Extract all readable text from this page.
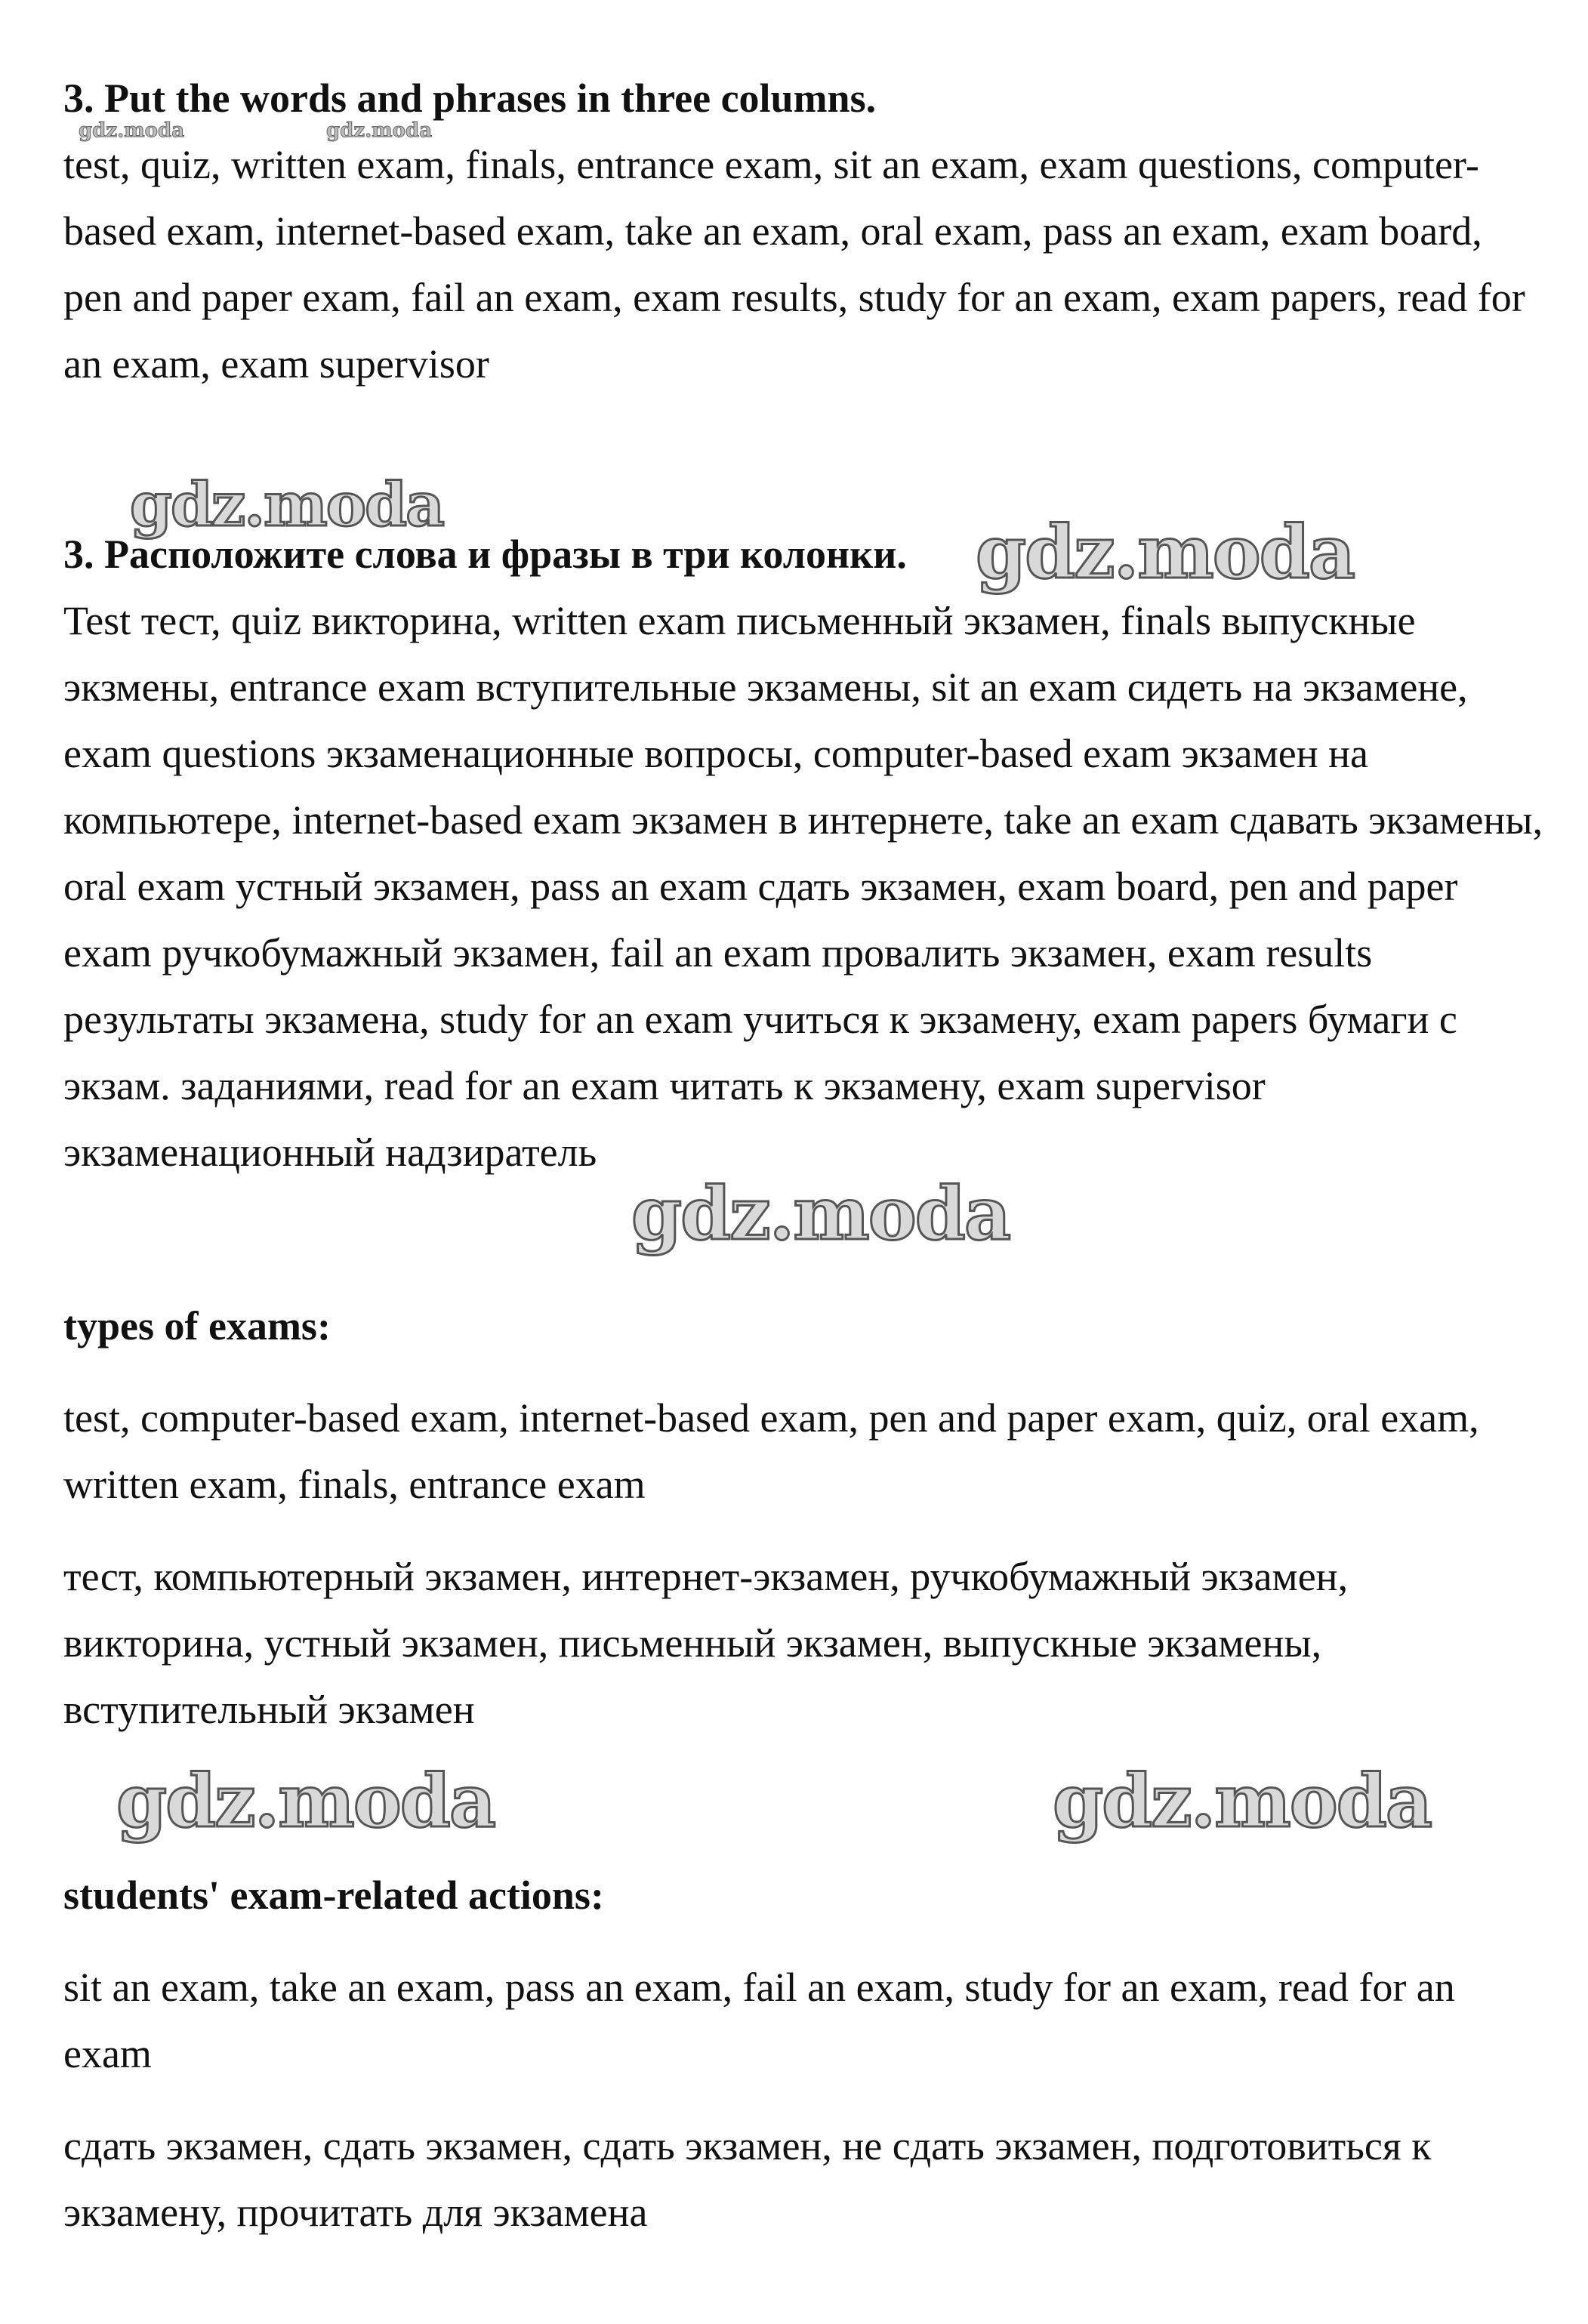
3. Put the words and phrases in three columns.

test, quiz, written exam, finals, entrance exam, sit an exam, exam questions, computer-based exam, internet-based exam, take an exam, oral exam, pass an exam, exam board, pen and paper exam, fail an exam, exam results, study for an exam, exam papers, read for an exam, exam supervisor

3. Расположите слова и фразы в три колонки.

Test тест, quiz викторина, written exam письменный экзамен, finals выпускные экзмены, entrance exam вступительные экзамены, sit an exam сидеть на экзамене, exam questions экзаменационные вопросы, computer-based exam экзамен на компьютере, internet-based exam экзамен в интернете, take an exam сдавать экзамены, oral exam устный экзамен, pass an exam сдать экзамен, exam board, pen and paper exam ручкобумажный экзамен, fail an exam провалить экзамен, exam results результаты экзамена, study for an exam учиться к экзамену, exam papers бумаги с экзам. заданиями, read for an exam читать к экзамену, exam supervisor экзаменационный надзиратель

types of exams:

test, computer-based exam, internet-based exam, pen and paper exam, quiz, oral exam, written exam, finals, entrance exam

тест, компьютерный экзамен, интернет-экзамен, ручкобумажный экзамен, викторина, устный экзамен, письменный экзамен, выпускные экзамены, вступительный экзамен

students' exam-related actions:

sit an exam, take an exam, pass an exam, fail an exam, study for an exam, read for an exam

сдать экзамен, сдать экзамен, сдать экзамен, не сдать экзамен, подготовиться к экзамену, прочитать для экзамена

gdz.moda	gdz.moda
gdz.moda
gdz.moda
gdz.moda
gdz.moda	gdz.moda
